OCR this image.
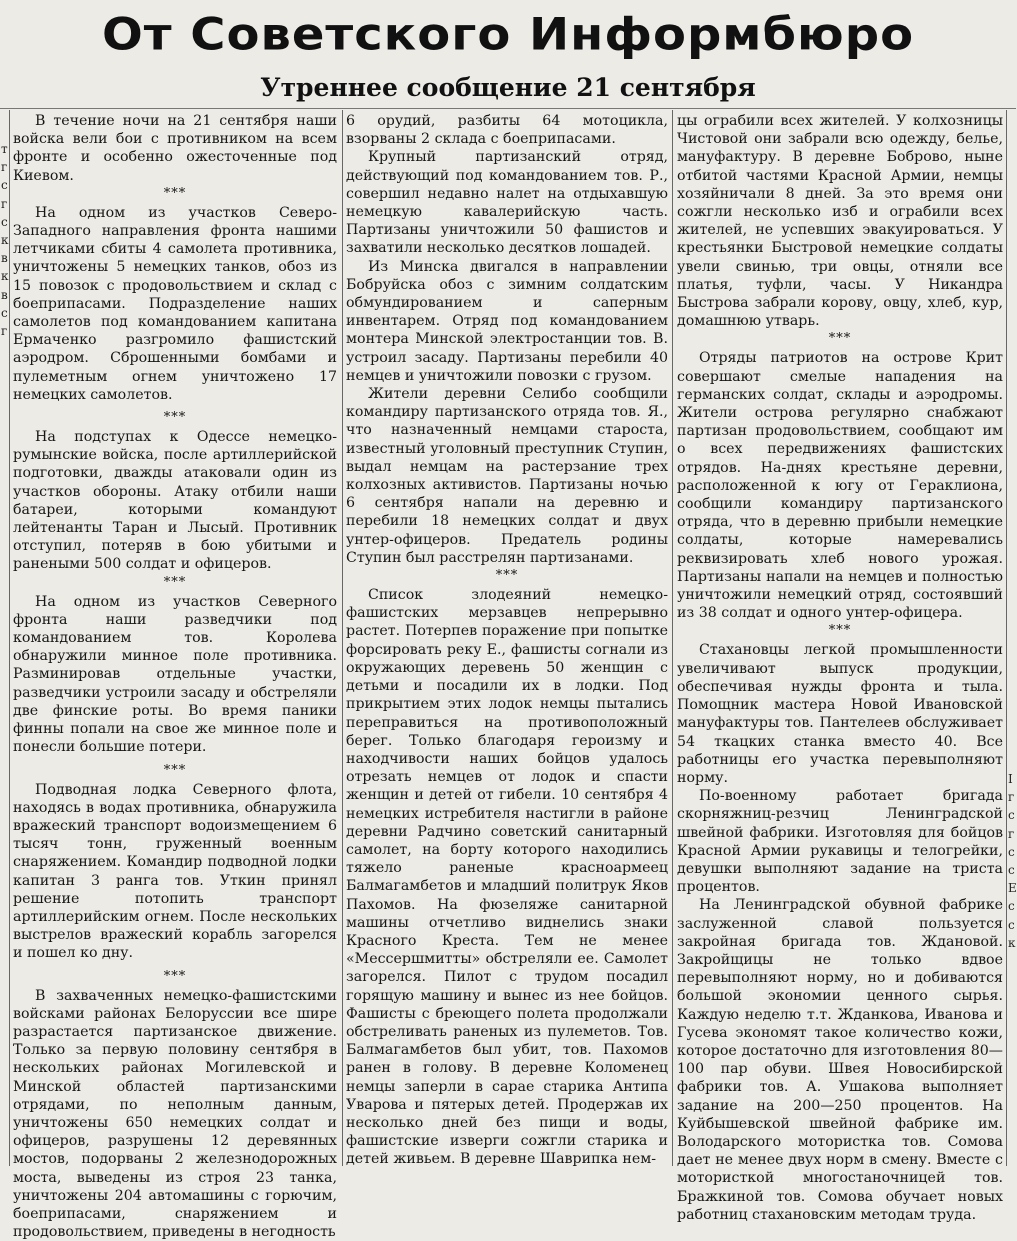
От Советского Информбюро
Утреннее сообщение 21 сентября
т
г
с
г
с
к
в
к
в
с
г
I
г
с
г
с
с
Е
с
с
к

В течение ночи на 21 сентября наши войска вели бои с противником на всем фронте и особенно ожесточенные под Киевом.

***

На одном из участков Северо-Западного направления фронта нашими летчиками сбиты 4 самолета противника, уничтожены 5 немецких танков, обоз из 15 повозок с продовольствием и склад с боеприпасами. Подразделение наших самолетов под командованием капитана Ермаченко разгромило фашистский аэродром. Сброшенными бомбами и пулеметным огнем уничтожено 17 немецких самолетов.

***

На подступах к Одессе немецко-румынские войска, после артиллерийской подготовки, дважды атаковали один из участков обороны. Атаку отбили наши батареи, которыми командуют лейтенанты Таран и Лысый. Противник отступил, потеряв в бою убитыми и ранеными 500 солдат и офицеров.

***

На одном из участков Северного фронта наши разведчики под командованием тов. Королева обнаружили минное поле противника. Разминировав отдельные участки, разведчики устроили засаду и обстреляли две финские роты. Во время паники финны попали на свое же минное поле и понесли большие потери.

***

Подводная лодка Северного флота, находясь в водах противника, обнаружила вражеский транспорт водоизмещением 6 тысяч тонн, груженный военным снаряжением. Командир подводной лодки капитан 3 ранга тов. Уткин принял решение потопить транспорт артиллерийским огнем. После нескольких выстрелов вражеский корабль загорелся и пошел ко дну.

***

В захваченных немецко-фашистскими войсками районах Белоруссии все шире разрастается партизанское движение. Только за первую половину сентября в нескольких районах Могилевской и Минской областей партизанскими отрядами, по неполным данным, уничтожены 650 немецких солдат и офицеров, разрушены 12 деревянных мостов, подорваны 2 железнодорожных моста, выведены из строя 23 танка, уничтожены 204 автомашины с горючим, боеприпасами, снаряжением и продовольствием, приведены в негодность

6 орудий, разбиты 64 мотоцикла, взорваны 2 склада с боеприпасами.

Крупный партизанский отряд, действующий под командованием тов. Р., совершил недавно налет на отдыхавшую немецкую кавалерийскую часть. Партизаны уничтожили 50 фашистов и захватили несколько десятков лошадей.

Из Минска двигался в направлении Бобруйска обоз с зимним солдатским обмундированием и саперным инвентарем. Отряд под командованием монтера Минской электростанции тов. В. устроил засаду. Партизаны перебили 40 немцев и уничтожили повозки с грузом.

Жители деревни Селибо сообщили командиру партизанского отряда тов. Я., что назначенный немцами староста, известный уголовный преступник Ступин, выдал немцам на растерзание трех колхозных активистов. Партизаны ночью 6 сентября напали на деревню и перебили 18 немецких солдат и двух унтер-офицеров. Предатель родины Ступин был расстрелян партизанами.

***

Список злодеяний немецко-фашистских мерзавцев непрерывно растет. Потерпев поражение при попытке форсировать реку Е., фашисты согнали из окружающих деревень 50 женщин с детьми и посадили их в лодки. Под прикрытием этих лодок немцы пытались переправиться на противоположный берег. Только благодаря героизму и находчивости наших бойцов удалось отрезать немцев от лодок и спасти женщин и детей от гибели. 10 сентября 4 немецких истребителя настигли в районе деревни Радчино советский санитарный самолет, на борту которого находились тяжело раненые красноармеец Балмагамбетов и младший политрук Яков Пахомов. На фюзеляже санитарной машины отчетливо виднелись знаки Красного Креста. Тем не менее «Мессершмитты» обстреляли ее. Самолет загорелся. Пилот с трудом посадил горящую машину и вынес из нее бойцов. Фашисты с бреющего полета продолжали обстреливать раненых из пулеметов. Тов. Балмагамбетов был убит, тов. Пахомов ранен в голову. В деревне Коломенец немцы заперли в сарае старика Антипа Уварова и пятерых детей. Продержав их несколько дней без пищи и воды, фашистские изверги сожгли старика и детей живьем. В деревне Шаврипка нем-

цы ограбили всех жителей. У колхозницы Чистовой они забрали всю одежду, белье, мануфактуру. В деревне Боброво, ныне отбитой частями Красной Армии, немцы хозяйничали 8 дней. За это время они сожгли несколько изб и ограбили всех жителей, не успевших эвакуироваться. У крестьянки Быстровой немецкие солдаты увели свинью, три овцы, отняли все платья, туфли, часы. У Никандра Быстрова забрали корову, овцу, хлеб, кур, домашнюю утварь.

***

Отряды патриотов на острове Крит совершают смелые нападения на германских солдат, склады и аэродромы. Жители острова регулярно снабжают партизан продовольствием, сообщают им о всех передвижениях фашистских отрядов. На-днях крестьяне деревни, расположенной к югу от Гераклиона, сообщили командиру партизанского отряда, что в деревню прибыли немецкие солдаты, которые намеревались реквизировать хлеб нового урожая. Партизаны напали на немцев и полностью уничтожили немецкий отряд, состоявший из 38 солдат и одного унтер-офицера.

***

Стахановцы легкой промышленности увеличивают выпуск продукции, обеспечивая нужды фронта и тыла. Помощник мастера Новой Ивановской мануфактуры тов. Пантелеев обслуживает 54 ткацких станка вместо 40. Все работницы его участка перевыполняют норму.

По-военному работает бригада скорняжниц-резчиц Ленинградской швейной фабрики. Изготовляя для бойцов Красной Армии рукавицы и телогрейки, девушки выполняют задание на триста процентов.

На Ленинградской обувной фабрике заслуженной славой пользуется закройная бригада тов. Ждановой. Закройщицы не только вдвое перевыполняют норму, но и добиваются большой экономии ценного сырья. Каждую неделю т.т. Жданкова, Иванова и Гусева экономят такое количество кожи, которое достаточно для изготовления 80—100 пар обуви. Швея Новосибирской фабрики тов. А. Ушакова выполняет задание на 200—250 процентов. На Куйбышевской швейной фабрике им. Володарского мотористка тов. Сомова дает не менее двух норм в смену. Вместе с мотористкой многостаночницей тов. Бражкиной тов. Сомова обучает новых работниц стахановским методам труда.
